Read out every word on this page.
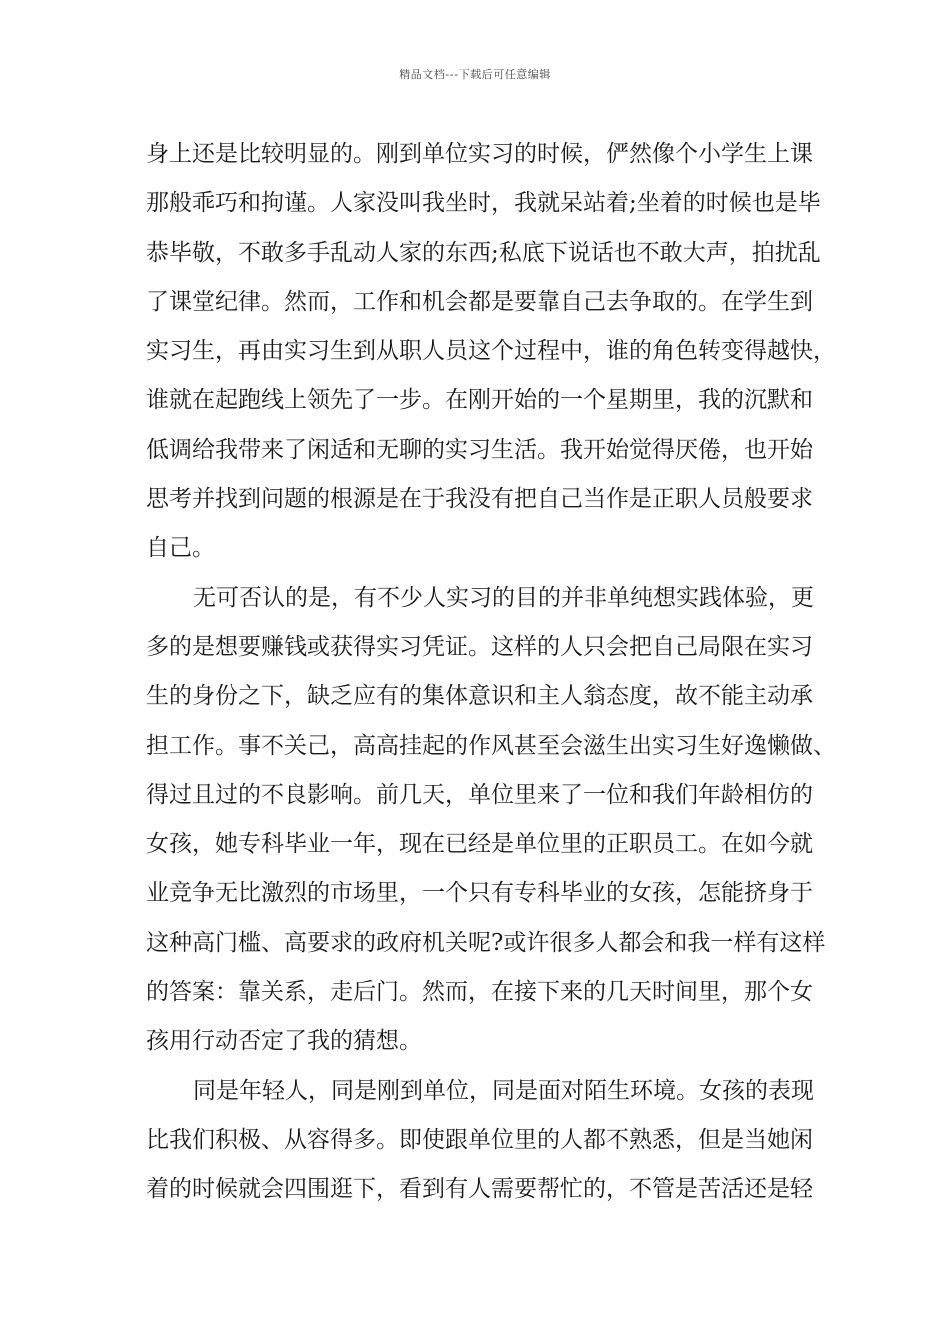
精品文档---下载后可任意编辑
身上还是比较明显的。刚到单位实习的时候，俨然像个小学生上课
那般乖巧和拘谨。人家没叫我坐时，我就呆站着;坐着的时候也是毕
恭毕敬，不敢多手乱动人家的东西;私底下说话也不敢大声，拍扰乱
了课堂纪律。然而，工作和机会都是要靠自己去争取的。在学生到
实习生，再由实习生到从职人员这个过程中，谁的角色转变得越快，
谁就在起跑线上领先了一步。在刚开始的一个星期里，我的沉默和
低调给我带来了闲适和无聊的实习生活。我开始觉得厌倦，也开始
思考并找到问题的根源是在于我没有把自己当作是正职人员般要求
自己。
无可否认的是，有不少人实习的目的并非单纯想实践体验，更
多的是想要赚钱或获得实习凭证。这样的人只会把自己局限在实习
生的身份之下，缺乏应有的集体意识和主人翁态度，故不能主动承
担工作。事不关己，高高挂起的作风甚至会滋生出实习生好逸懒做、
得过且过的不良影响。前几天，单位里来了一位和我们年龄相仿的
女孩，她专科毕业一年，现在已经是单位里的正职员工。在如今就
业竞争无比激烈的市场里，一个只有专科毕业的女孩，怎能挤身于
这种高门槛、高要求的政府机关呢?或许很多人都会和我一样有这样
的答案：靠关系，走后门。然而，在接下来的几天时间里，那个女
孩用行动否定了我的猜想。
同是年轻人，同是刚到单位，同是面对陌生环境。女孩的表现
比我们积极、从容得多。即使跟单位里的人都不熟悉，但是当她闲
着的时候就会四围逛下，看到有人需要帮忙的，不管是苦活还是轻
